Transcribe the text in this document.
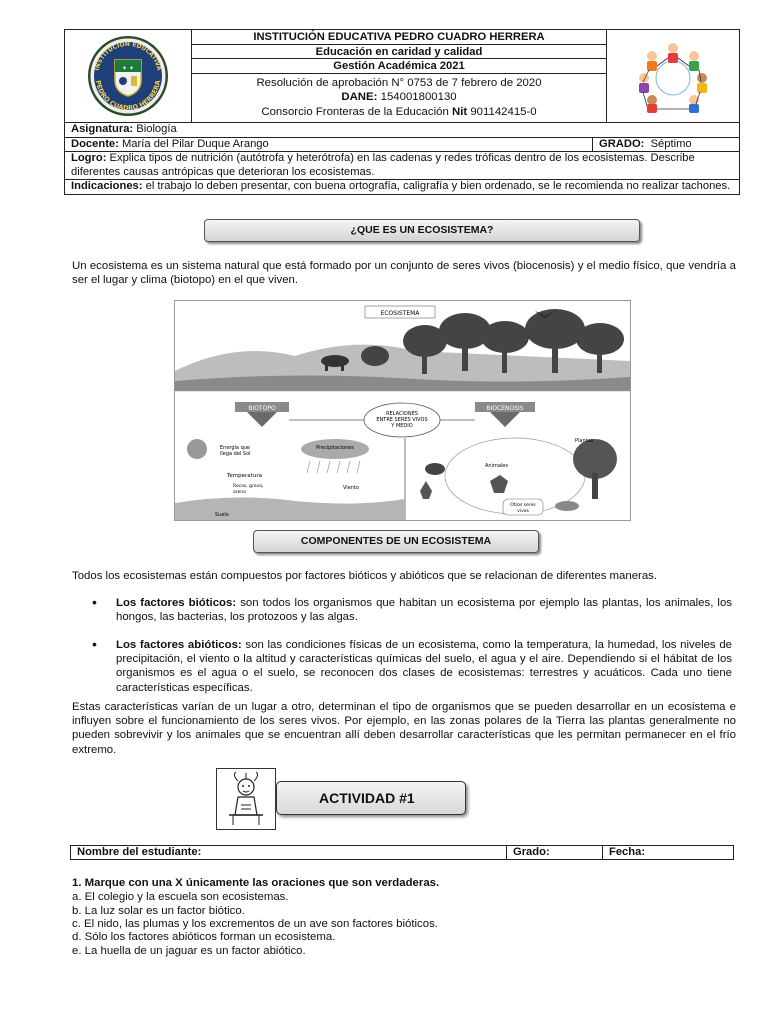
INSTITUCIÓN EDUCATIVA
PEDRO CUADRO HERRERA
✦ ✦
INSTITUCIÓN EDUCATIVA PEDRO CUADRO HERRERA
Educación en caridad y calidad
Gestión Académica 2021
Resolución de aprobación N° 0753 de 7 febrero de 2020
DANE: 154001800130
Consorcio Fronteras de la Educación Nit 901142415-0
Asignatura: Biología
Docente: María del Pilar Duque Arango	GRADO: Séptimo
Logro: Explica tipos de nutrición (autótrofa y heterótrofa) en las cadenas y redes tróficas dentro de los ecosistemas. Describe diferentes causas antrópicas que deterioran los ecosistemas.
Indicaciones: el trabajo lo deben presentar, con buena ortografía, caligrafía y bien ordenado, se le recomienda no realizar tachones.
¿QUE ES UN ECOSISTEMA?
Un ecosistema es un sistema natural que está formado por un conjunto de seres vivos (biocenosis) y el medio físico, que vendría a ser el lugar y clima (biotopo) en el que viven.
ECOSISTEMA
BIOTOPO	BIOCENOSIS
RELACIONES
ENTRE SERES VIVOS
Y MEDIO
Energía que
llega del Sol
Precipitaciones
Temperatura
Rocas, grava,
arena
Viento
Suelo
Plantas
Animales
Otros seres
vivos
COMPONENTES DE UN ECOSISTEMA
Todos los ecosistemas están compuestos por factores bióticos y abióticos que se relacionan de diferentes maneras.
• Los factores bióticos: son todos los organismos que habitan un ecosistema por ejemplo las plantas, los animales, los hongos, las bacterias, los protozoos y las algas.
• Los factores abióticos: son las condiciones físicas de un ecosistema, como la temperatura, la humedad, los niveles de precipitación, el viento o la altitud y características químicas del suelo, el agua y el aire. Dependiendo si el hábitat de los organismos es el agua o el suelo, se reconocen dos clases de ecosistemas: terrestres y acuáticos. Cada uno tiene características específicas.
Estas características varían de un lugar a otro, determinan el tipo de organismos que se pueden desarrollar en un ecosistema e influyen sobre el funcionamiento de los seres vivos. Por ejemplo, en las zonas polares de la Tierra las plantas generalmente no pueden sobrevivir y los animales que se encuentran allí deben desarrollar características que les permitan permanecer en el frío extremo.
ACTIVIDAD #1
Nombre del estudiante:	Grado:	Fecha:
1. Marque con una X únicamente las oraciones que son verdaderas.
a. El colegio y la escuela son ecosistemas.
b. La luz solar es un factor biótico.
c. El nido, las plumas y los excrementos de un ave son factores bióticos.
d. Sólo los factores abióticos forman un ecosistema.
e. La huella de un jaguar es un factor abiótico.
